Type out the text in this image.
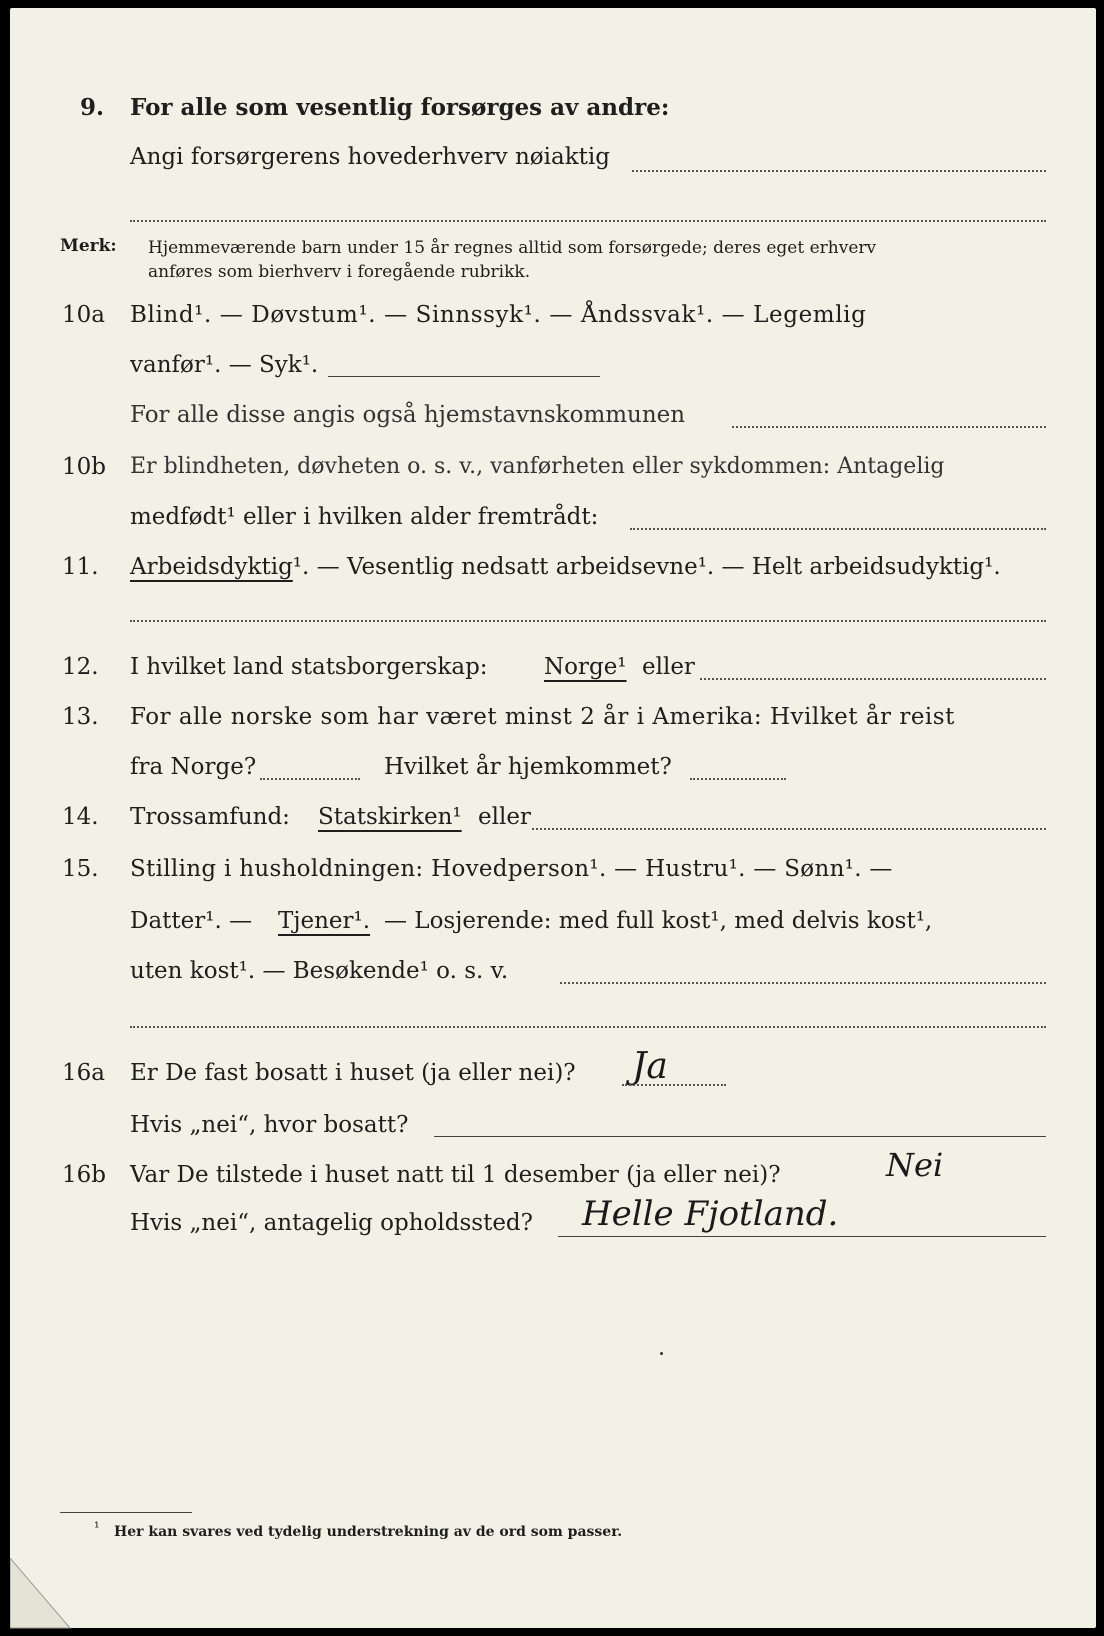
9. For alle som vesentlig forsørges av andre:
Angi forsørgerens hovederhverv nøiaktig
Merk: Hjemmeværende barn under 15 år regnes alltid som forsørgede; deres eget erhverv
anføres som bierhverv i foregående rubrikk.
10a Blind¹. — Døvstum¹. — Sinnssyk¹. — Åndssvak¹. — Legemlig
vanfør¹. — Syk¹.
For alle disse angis også hjemstavnskommunen
10b Er blindheten, døvheten o. s. v., vanførheten eller sykdommen: Antagelig
medfødt¹ eller i hvilken alder fremtrådt:
11. Arbeidsdyktig¹. — Vesentlig nedsatt arbeidsevne¹. — Helt arbeidsudyktig¹.
12. I hvilket land statsborgerskap: Norge¹ eller
13. For alle norske som har været minst 2 år i Amerika: Hvilket år reist
fra Norge?	Hvilket år hjemkommet?
14. Trossamfund: Statskirken¹ eller
15. Stilling i husholdningen: Hovedperson¹. — Hustru¹. — Sønn¹. —
Datter¹. — Tjener¹. — Losjerende: med full kost¹, med delvis kost¹,
uten kost¹. — Besøkende¹ o. s. v.
16a Er De fast bosatt i huset (ja eller nei)? Ja
Hvis „nei“, hvor bosatt?
16b Var De tilstede i huset natt til 1 desember (ja eller nei)?	Nei
Hvis „nei“, antagelig opholdssted? Helle Fjotland.
¹ Her kan svares ved tydelig understrekning av de ord som passer.
